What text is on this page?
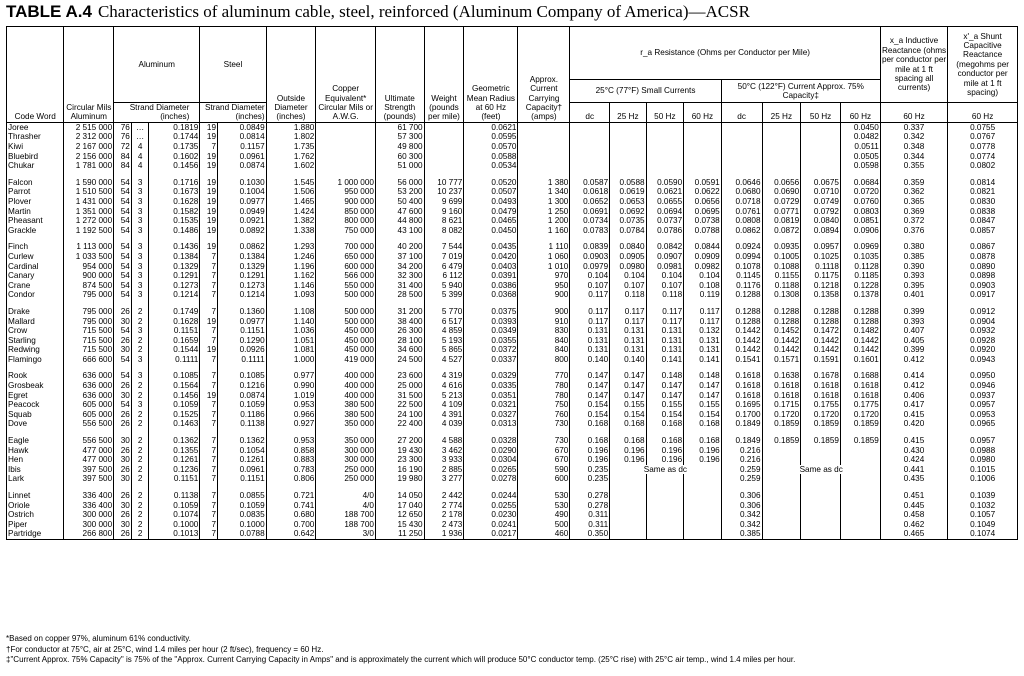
TABLE A.4 Characteristics of aluminum cable, steel, reinforced (Aluminum Company of America)—ACSR
Code Word	Circular Mils Aluminum	Aluminum			Steel		Outside Diameter (inches)	Copper Equivalent* Circular Mils or A.W.G.	Ultimate Strength (pounds)	Weight (pounds per mile)	Geometric Mean Radius at 60 Hz (feet)	Approx. Current Carrying Capacity† (amps)	r_a Resistance (Ohms per Conductor per Mile)								x_a Inductive Reactance (ohms per conductor per mile at 1 ft spacing all currents)	x'_a Shunt Capacitive Reactance (megohms per conductor per mile at 1 ft spacing)
													25°C (77°F) Small Currents				50°C (122°F) Current Approx. 75% Capacity‡					
		Strand Diameter (inches)			Strand Diameter (inches)								dc	25 Hz	50 Hz	60 Hz	dc	25 Hz	50 Hz	60 Hz	60 Hz	60 Hz
Joree	2 515 000	76	…	0.1819	19	0.0849	1.880		61 700		0.0621									0.0450	0.337	0.0755
Thrasher	2 312 000	76	…	0.1744	19	0.0814	1.802		57 300		0.0595									0.0482	0.342	0.0767
Kiwi	2 167 000	72	4	0.1735	7	0.1157	1.735		49 800		0.0570									0.0511	0.348	0.0778
Bluebird	2 156 000	84	4	0.1602	19	0.0961	1.762		60 300		0.0588									0.0505	0.344	0.0774
Chukar	1 781 000	84	4	0.1456	19	0.0874	1.602		51 000		0.0534									0.0598	0.355	0.0802

Falcon	1 590 000	54	3	0.1716	19	0.1030	1.545	1 000 000	56 000	10 777	0.0520	1 380	0.0587	0.0588	0.0590	0.0591	0.0646	0.0656	0.0675	0.0684	0.359	0.0814
Parrot	1 510 500	54	3	0.1673	19	0.1004	1.506	950 000	53 200	10 237	0.0507	1 340	0.0618	0.0619	0.0621	0.0622	0.0680	0.0690	0.0710	0.0720	0.362	0.0821
Plover	1 431 000	54	3	0.1628	19	0.0977	1.465	900 000	50 400	9 699	0.0493	1 300	0.0652	0.0653	0.0655	0.0656	0.0718	0.0729	0.0749	0.0760	0.365	0.0830
Martin	1 351 000	54	3	0.1582	19	0.0949	1.424	850 000	47 600	9 160	0.0479	1 250	0.0691	0.0692	0.0694	0.0695	0.0761	0.0771	0.0792	0.0803	0.369	0.0838
Pheasant	1 272 000	54	3	0.1535	19	0.0921	1.382	800 000	44 800	8 621	0.0465	1 200	0.0734	0.0735	0.0737	0.0738	0.0808	0.0819	0.0840	0.0851	0.372	0.0847
Grackle	1 192 500	54	3	0.1486	19	0.0892	1.338	750 000	43 100	8 082	0.0450	1 160	0.0783	0.0784	0.0786	0.0788	0.0862	0.0872	0.0894	0.0906	0.376	0.0857

Finch	1 113 000	54	3	0.1436	19	0.0862	1.293	700 000	40 200	7 544	0.0435	1 110	0.0839	0.0840	0.0842	0.0844	0.0924	0.0935	0.0957	0.0969	0.380	0.0867
Curlew	1 033 500	54	3	0.1384	7	0.1384	1.246	650 000	37 100	7 019	0.0420	1 060	0.0903	0.0905	0.0907	0.0909	0.0994	0.1005	0.1025	0.1035	0.385	0.0878
Cardinal	954 000	54	3	0.1329	7	0.1329	1.196	600 000	34 200	6 479	0.0403	1 010	0.0979	0.0980	0.0981	0.0982	0.1078	0.1088	0.1118	0.1128	0.390	0.0890
Canary	900 000	54	3	0.1291	7	0.1291	1.162	566 000	32 300	6 112	0.0391	970	0.104	0.104	0.104	0.104	0.1145	0.1155	0.1175	0.1185	0.393	0.0898
Crane	874 500	54	3	0.1273	7	0.1273	1.146	550 000	31 400	5 940	0.0386	950	0.107	0.107	0.107	0.108	0.1176	0.1188	0.1218	0.1228	0.395	0.0903
Condor	795 000	54	3	0.1214	7	0.1214	1.093	500 000	28 500	5 399	0.0368	900	0.117	0.118	0.118	0.119	0.1288	0.1308	0.1358	0.1378	0.401	0.0917

Drake	795 000	26	2	0.1749	7	0.1360	1.108	500 000	31 200	5 770	0.0375	900	0.117	0.117	0.117	0.117	0.1288	0.1288	0.1288	0.1288	0.399	0.0912
Mallard	795 000	30	2	0.1628	19	0.0977	1.140	500 000	38 400	6 517	0.0393	910	0.117	0.117	0.117	0.117	0.1288	0.1288	0.1288	0.1288	0.393	0.0904
Crow	715 500	54	3	0.1151	7	0.1151	1.036	450 000	26 300	4 859	0.0349	830	0.131	0.131	0.131	0.132	0.1442	0.1452	0.1472	0.1482	0.407	0.0932
Starling	715 500	26	2	0.1659	7	0.1290	1.051	450 000	28 100	5 193	0.0355	840	0.131	0.131	0.131	0.131	0.1442	0.1442	0.1442	0.1442	0.405	0.0928
Redwing	715 500	30	2	0.1544	19	0.0926	1.081	450 000	34 600	5 865	0.0372	840	0.131	0.131	0.131	0.131	0.1442	0.1442	0.1442	0.1442	0.399	0.0920
Flamingo	666 600	54	3	0.1111	7	0.1111	1.000	419 000	24 500	4 527	0.0337	800	0.140	0.140	0.141	0.141	0.1541	0.1571	0.1591	0.1601	0.412	0.0943

Rook	636 000	54	3	0.1085	7	0.1085	0.977	400 000	23 600	4 319	0.0329	770	0.147	0.147	0.148	0.148	0.1618	0.1638	0.1678	0.1688	0.414	0.0950
Grosbeak	636 000	26	2	0.1564	7	0.1216	0.990	400 000	25 000	4 616	0.0335	780	0.147	0.147	0.147	0.147	0.1618	0.1618	0.1618	0.1618	0.412	0.0946
Egret	636 000	30	2	0.1456	19	0.0874	1.019	400 000	31 500	5 213	0.0351	780	0.147	0.147	0.147	0.147	0.1618	0.1618	0.1618	0.1618	0.406	0.0937
Peacock	605 000	54	3	0.1059	7	0.1059	0.953	380 500	22 500	4 109	0.0321	750	0.154	0.155	0.155	0.155	0.1695	0.1715	0.1755	0.1775	0.417	0.0957
Squab	605 000	26	2	0.1525	7	0.1186	0.966	380 500	24 100	4 391	0.0327	760	0.154	0.154	0.154	0.154	0.1700	0.1720	0.1720	0.1720	0.415	0.0953
Dove	556 500	26	2	0.1463	7	0.1138	0.927	350 000	22 400	4 039	0.0313	730	0.168	0.168	0.168	0.168	0.1849	0.1859	0.1859	0.1859	0.420	0.0965

Eagle	556 500	30	2	0.1362	7	0.1362	0.953	350 000	27 200	4 588	0.0328	730	0.168	0.168	0.168	0.168	0.1849	0.1859	0.1859	0.1859	0.415	0.0957
Hawk	477 000	26	2	0.1355	7	0.1054	0.858	300 000	19 430	3 462	0.0290	670	0.196	0.196	0.196	0.196	0.216				0.430	0.0988
Hen	477 000	30	2	0.1261	7	0.1261	0.883	300 000	23 300	3 933	0.0304	670	0.196	0.196	0.196	0.196	0.216				0.424	0.0980
Ibis	397 500	26	2	0.1236	7	0.0961	0.783	250 000	16 190	2 885	0.0265	590	0.235	Same as dc			0.259	Same as dc			0.441	0.1015
Lark	397 500	30	2	0.1151	7	0.1151	0.806	250 000	19 980	3 277	0.0278	600	0.235				0.259				0.435	0.1006

Linnet	336 400	26	2	0.1138	7	0.0855	0.721	4/0	14 050	2 442	0.0244	530	0.278				0.306				0.451	0.1039
Oriole	336 400	30	2	0.1059	7	0.1059	0.741	4/0	17 040	2 774	0.0255	530	0.278				0.306				0.445	0.1032
Ostrich	300 000	26	2	0.1074	7	0.0835	0.680	188 700	12 650	2 178	0.0230	490	0.311				0.342				0.458	0.1057
Piper	300 000	30	2	0.1000	7	0.1000	0.700	188 700	15 430	2 473	0.0241	500	0.311				0.342				0.462	0.1049
Partridge	266 800	26	2	0.1013	7	0.0788	0.642	3/0	11 250	1 936	0.0217	460	0.350				0.385				0.465	0.1074
*Based on copper 97%, aluminum 61% conductivity.
†For conductor at 75°C, air at 25°C, wind 1.4 miles per hour (2 ft/sec), frequency = 60 Hz.
‡"Current Approx. 75% Capacity" is 75% of the "Approx. Current Carrying Capacity in Amps" and is approximately the current which will produce 50°C conductor temp. (25°C rise) with 25°C air temp., wind 1.4 miles per hour.
